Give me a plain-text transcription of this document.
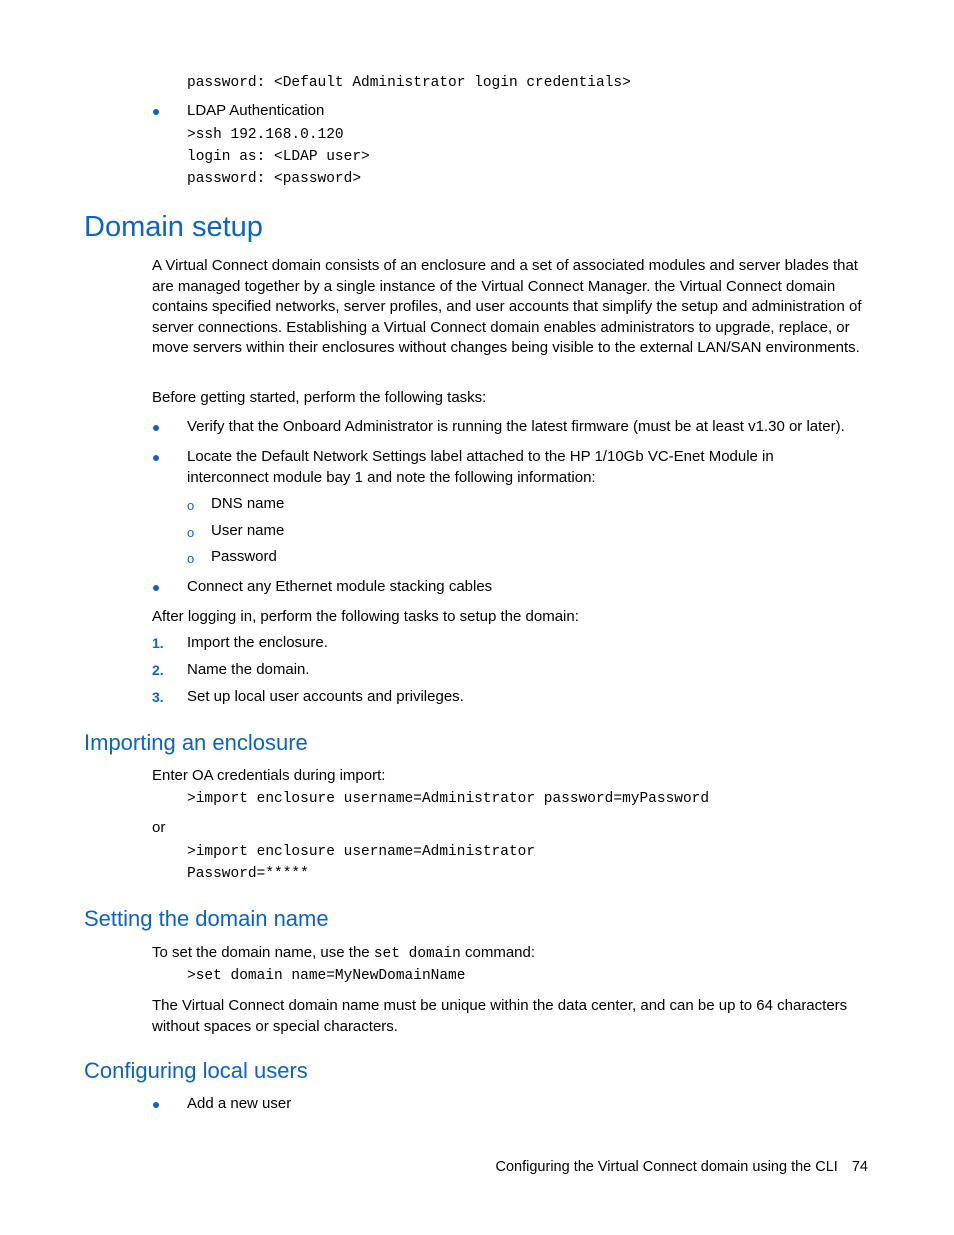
password: <Default Administrator login credentials>
LDAP Authentication
>ssh 192.168.0.120
login as: <LDAP user>
password: <password>
Domain setup
A Virtual Connect domain consists of an enclosure and a set of associated modules and server blades that are managed together by a single instance of the Virtual Connect Manager. the Virtual Connect domain contains specified networks, server profiles, and user accounts that simplify the setup and administration of server connections. Establishing a Virtual Connect domain enables administrators to upgrade, replace, or move servers within their enclosures without changes being visible to the external LAN/SAN environments.
Before getting started, perform the following tasks:
Verify that the Onboard Administrator is running the latest firmware (must be at least v1.30 or later).
Locate the Default Network Settings label attached to the HP 1/10Gb VC-Enet Module in interconnect module bay 1 and note the following information:
o DNS name
o User name
o Password
Connect any Ethernet module stacking cables
After logging in, perform the following tasks to setup the domain:
1. Import the enclosure.
2. Name the domain.
3. Set up local user accounts and privileges.
Importing an enclosure
Enter OA credentials during import:
>import enclosure username=Administrator password=myPassword
or
>import enclosure username=Administrator
Password=*****
Setting the domain name
To set the domain name, use the set domain command:
>set domain name=MyNewDomainName
The Virtual Connect domain name must be unique within the data center, and can be up to 64 characters without spaces or special characters.
Configuring local users
Add a new user
Configuring the Virtual Connect domain using the CLI 74
